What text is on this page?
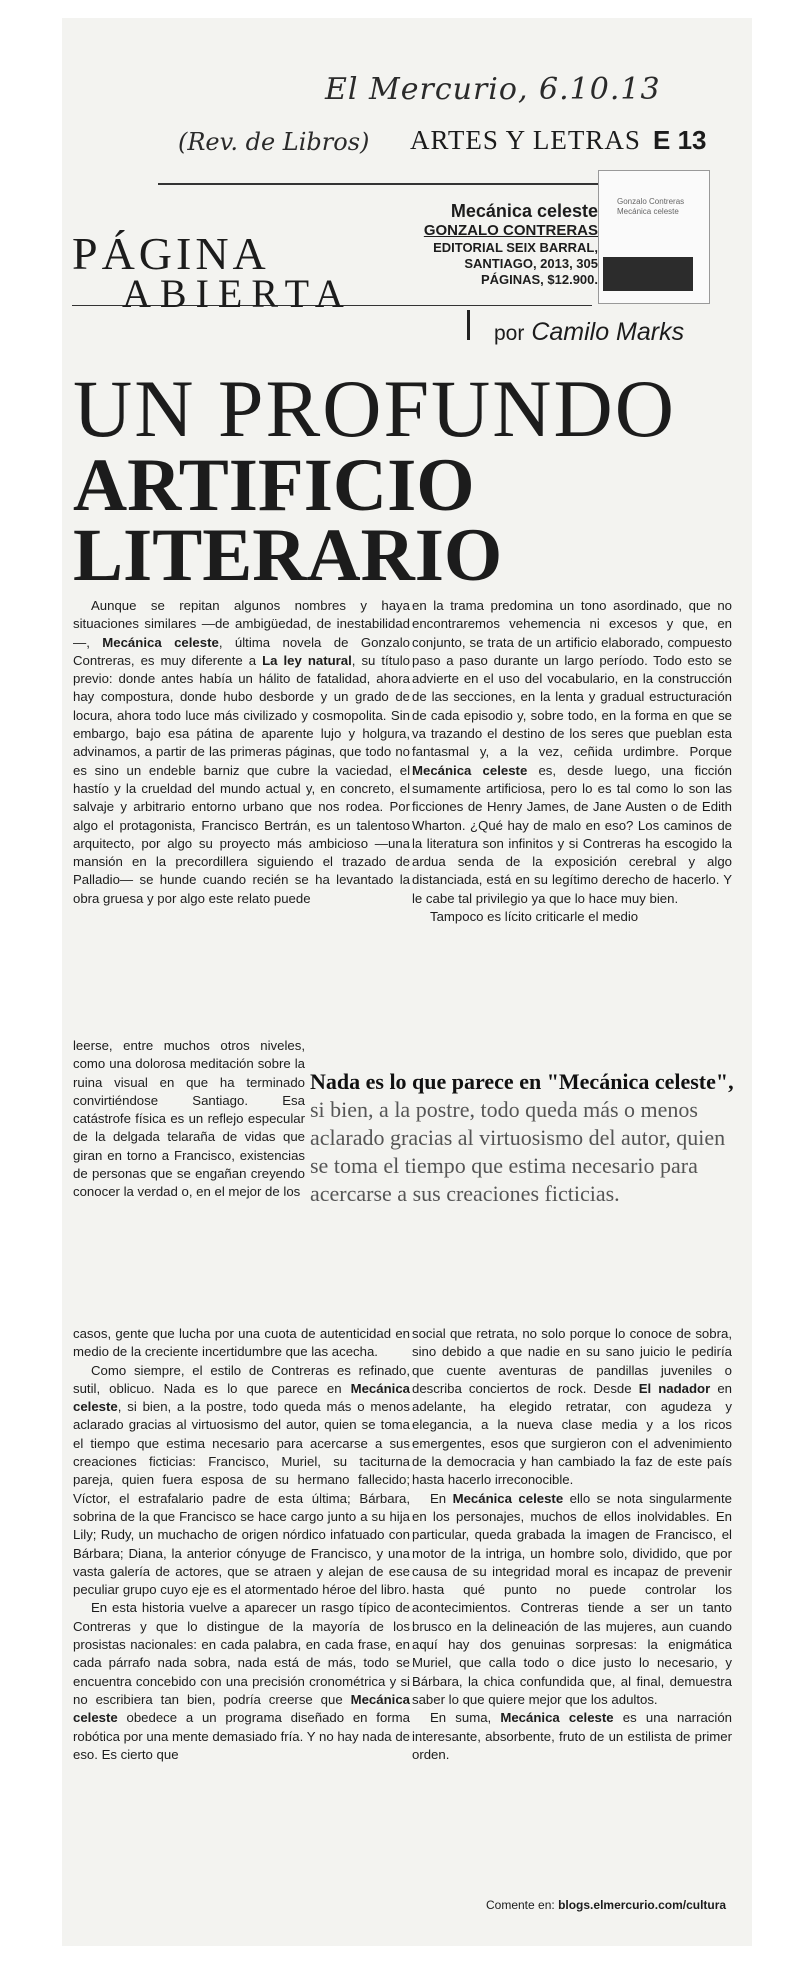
El Mercurio, 6.10.13
(Rev. de Libros) ARTES Y LETRAS E 13
PÁGINA
ABIERTA
Mecánica celeste
GONZALO CONTRERAS
EDITORIAL SEIX BARRAL,
SANTIAGO, 2013, 305
PÁGINAS, $12.900.
Gonzalo Contreras
Mecánica celeste
por Camilo Marks
UN PROFUNDO
ARTIFICIO
LITERARIO

Aunque se repitan algunos nombres y haya situaciones similares —de ambigüedad, de inestabilidad—, Mecánica celeste, última novela de Gonzalo Contreras, es muy diferente a La ley natural, su título previo: donde antes había un hálito de fatalidad, ahora hay compostura, donde hubo desborde y un grado de locura, ahora todo luce más civilizado y cosmopolita. Sin embargo, bajo esa pátina de aparente lujo y holgura, advinamos, a partir de las primeras páginas, que todo no es sino un endeble barniz que cubre la vaciedad, el hastío y la crueldad del mundo actual y, en concreto, el salvaje y arbitrario entorno urbano que nos rodea. Por algo el protagonista, Francisco Bertrán, es un talentoso arquitecto, por algo su proyecto más ambicioso —una mansión en la precordillera siguiendo el trazado de Palladio— se hunde cuando recién se ha levantado la obra gruesa y por algo este relato puede

leerse, entre muchos otros niveles, como una dolorosa meditación sobre la ruina visual en que ha terminado convirtiéndose Santiago. Esa catástrofe física es un reflejo especular de la delgada telaraña de vidas que giran en torno a Francisco, existencias de personas que se engañan creyendo conocer la verdad o, en el mejor de los

Nada es lo que parece en "Mecánica celeste", si bien, a la postre, todo queda más o menos aclarado gracias al virtuosismo del autor, quien se toma el tiempo que estima necesario para acercarse a sus creaciones ficticias.

casos, gente que lucha por una cuota de autenticidad en medio de la creciente incertidumbre que las acecha.

Como siempre, el estilo de Contreras es refinado, sutil, oblicuo. Nada es lo que parece en Mecánica celeste, si bien, a la postre, todo queda más o menos aclarado gracias al virtuosismo del autor, quien se toma el tiempo que estima necesario para acercarse a sus creaciones ficticias: Francisco, Muriel, su taciturna pareja, quien fuera esposa de su hermano fallecido; Víctor, el estrafalario padre de esta última; Bárbara, sobrina de la que Francisco se hace cargo junto a su hija Lily; Rudy, un muchacho de origen nórdico infatuado con Bárbara; Diana, la anterior cónyuge de Francisco, y una vasta galería de actores, que se atraen y alejan de ese peculiar grupo cuyo eje es el atormentado héroe del libro.

En esta historia vuelve a aparecer un rasgo típico de Contreras y que lo distingue de la mayoría de los prosistas nacionales: en cada palabra, en cada frase, en cada párrafo nada sobra, nada está de más, todo se encuentra concebido con una precisión cronométrica y si no escribiera tan bien, podría creerse que Mecánica celeste obedece a un programa diseñado en forma robótica por una mente demasiado fría. Y no hay nada de eso. Es cierto que

en la trama predomina un tono asordinado, que no encontraremos vehemencia ni excesos y que, en conjunto, se trata de un artificio elaborado, compuesto paso a paso durante un largo período. Todo esto se advierte en el uso del vocabulario, en la construcción de las secciones, en la lenta y gradual estructuración de cada episodio y, sobre todo, en la forma en que se va trazando el destino de los seres que pueblan esta fantasmal y, a la vez, ceñida urdimbre. Porque Mecánica celeste es, desde luego, una ficción sumamente artificiosa, pero lo es tal como lo son las ficciones de Henry James, de Jane Austen o de Edith Wharton. ¿Qué hay de malo en eso? Los caminos de la literatura son infinitos y si Contreras ha escogido la ardua senda de la exposición cerebral y algo distanciada, está en su legítimo derecho de hacerlo. Y le cabe tal privilegio ya que lo hace muy bien.

Tampoco es lícito criticarle el medio

social que retrata, no solo porque lo conoce de sobra, sino debido a que nadie en su sano juicio le pediría que cuente aventuras de pandillas juveniles o describa conciertos de rock. Desde El nadador en adelante, ha elegido retratar, con agudeza y elegancia, a la nueva clase media y a los ricos emergentes, esos que surgieron con el advenimiento de la democracia y han cambiado la faz de este país hasta hacerlo irreconocible.

En Mecánica celeste ello se nota singularmente en los personajes, muchos de ellos inolvidables. En particular, queda grabada la imagen de Francisco, el motor de la intriga, un hombre solo, dividido, que por causa de su integridad moral es incapaz de prevenir hasta qué punto no puede controlar los acontecimientos. Contreras tiende a ser un tanto brusco en la delineación de las mujeres, aun cuando aquí hay dos genuinas sorpresas: la enigmática Muriel, que calla todo o dice justo lo necesario, y Bárbara, la chica confundida que, al final, demuestra saber lo que quiere mejor que los adultos.

En suma, Mecánica celeste es una narración interesante, absorbente, fruto de un estilista de primer orden.

Comente en: blogs.elmercurio.com/cultura
